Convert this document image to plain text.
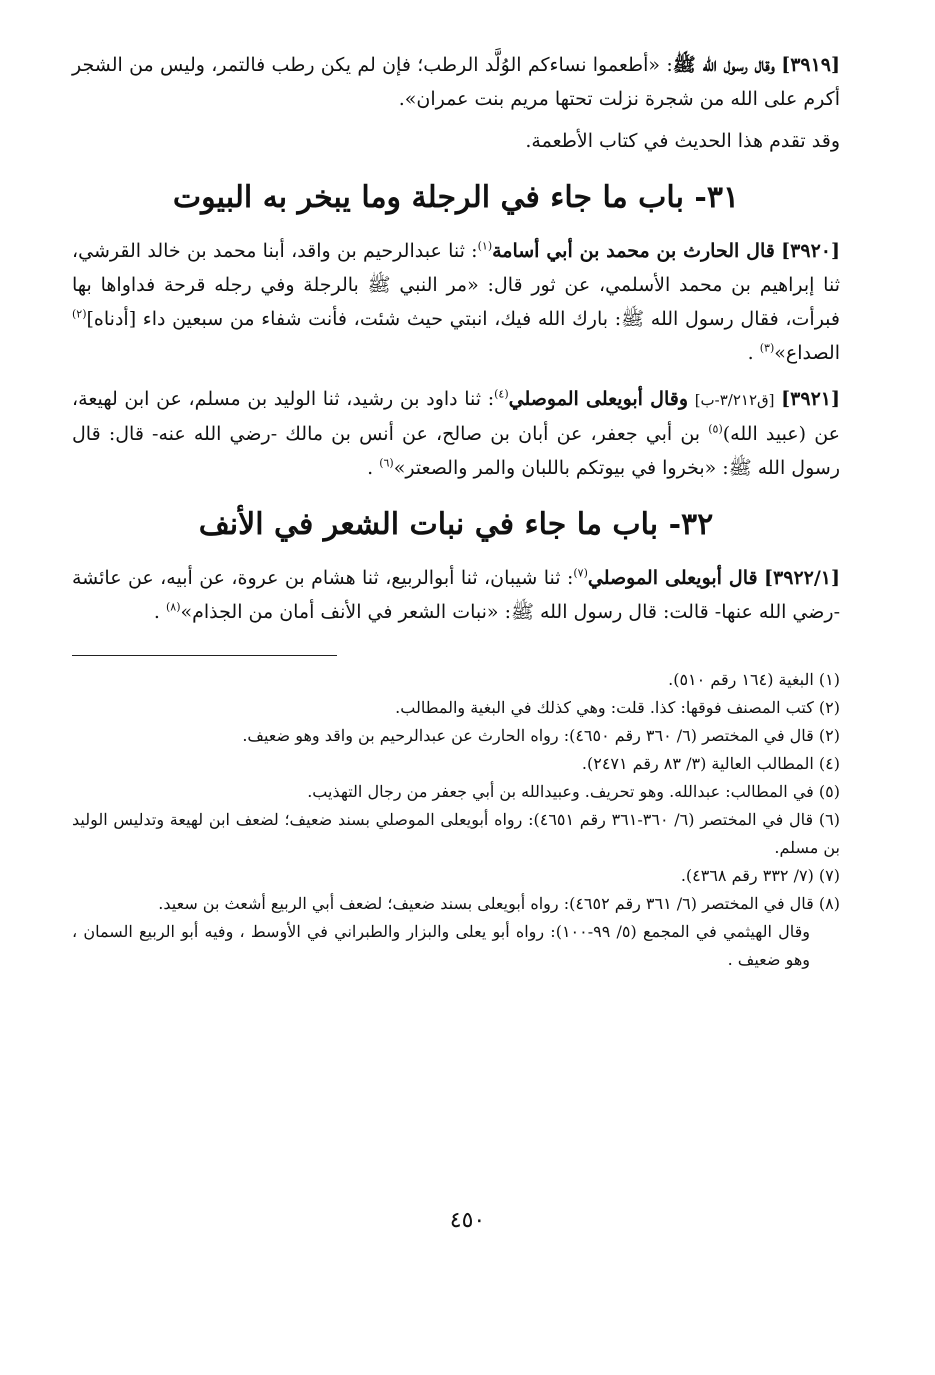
[٣٩١٩] وقال رسول الله ﷺ: «أطعموا نساءكم الوُلَّد الرطب؛ فإن لم يكن رطب فالتمر، وليس من الشجر أكرم على الله من شجرة نزلت تحتها مريم بنت عمران».

وقد تقدم هذا الحديث في كتاب الأطعمة.

٣١- باب ما جاء في الرجلة وما يبخر به البيوت

[٣٩٢٠] قال الحارث بن محمد بن أبي أسامة$^{(١)}$: ثنا عبدالرحيم بن واقد، أبنا محمد بن خالد القرشي، ثنا إبراهيم بن محمد الأسلمي، عن ثور قال: «مر النبي ﷺ بالرجلة وفي رجله قرحة فداواها بها فبرأت، فقال رسول الله ﷺ: بارك الله فيك، انبتي حيث شئت، فأنت شفاء من سبعين داء [أدناه]$^{(٢)}$ الصداع»$^{(٣)}$ .

[٣٩٢١] [ق٣/٢١٢-ب] وقال أبويعلى الموصلي$^{(٤)}$: ثنا داود بن رشيد، ثنا الوليد بن مسلم، عن ابن لهيعة، عن (عبيد الله)$^{(٥)}$ بن أبي جعفر، عن أبان بن صالح، عن أنس بن مالك -رضي الله عنه- قال: قال رسول الله ﷺ: «بخروا في بيوتكم باللبان والمر والصعتر»$^{(٦)}$ .

٣٢- باب ما جاء في نبات الشعر في الأنف

[٣٩٢٢/١] قال أبويعلى الموصلي$^{(٧)}$: ثنا شيبان، ثنا أبوالربيع، ثنا هشام بن عروة، عن أبيه، عن عائشة -رضي الله عنها- قالت: قال رسول الله ﷺ: «نبات الشعر في الأنف أمان من الجذام»$^{(٨)}$ .

(١) البغية (١٦٤ رقم ٥١٠).
(٢) كتب المصنف فوقها: كذا. قلت: وهي كذلك في البغية والمطالب.
(٢) قال في المختصر (٦/ ٣٦٠ رقم ٤٦٥٠): رواه الحارث عن عبدالرحيم بن واقد وهو ضعيف.
(٤) المطالب العالية (٣/ ٨٣ رقم ٢٤٧١).
(٥) في المطالب: عبدالله. وهو تحريف. وعبيدالله بن أبي جعفر من رجال التهذيب.
(٦) قال في المختصر (٦/ ٣٦٠-٣٦١ رقم ٤٦٥١): رواه أبويعلى الموصلي بسند ضعيف؛ لضعف ابن لهيعة وتدليس الوليد بن مسلم.
(٧) (٧/ ٣٣٢ رقم ٤٣٦٨).
(٨) قال في المختصر (٦/ ٣٦١ رقم ٤٦٥٢): رواه أبويعلى بسند ضعيف؛ لضعف أبي الربيع أشعث بن سعيد.
وقال الهيثمي في المجمع (٥/ ٩٩-١٠٠): رواه أبو يعلى والبزار والطبراني في الأوسط ، وفيه أبو الربيع السمان ، وهو ضعيف .
٤٥٠
